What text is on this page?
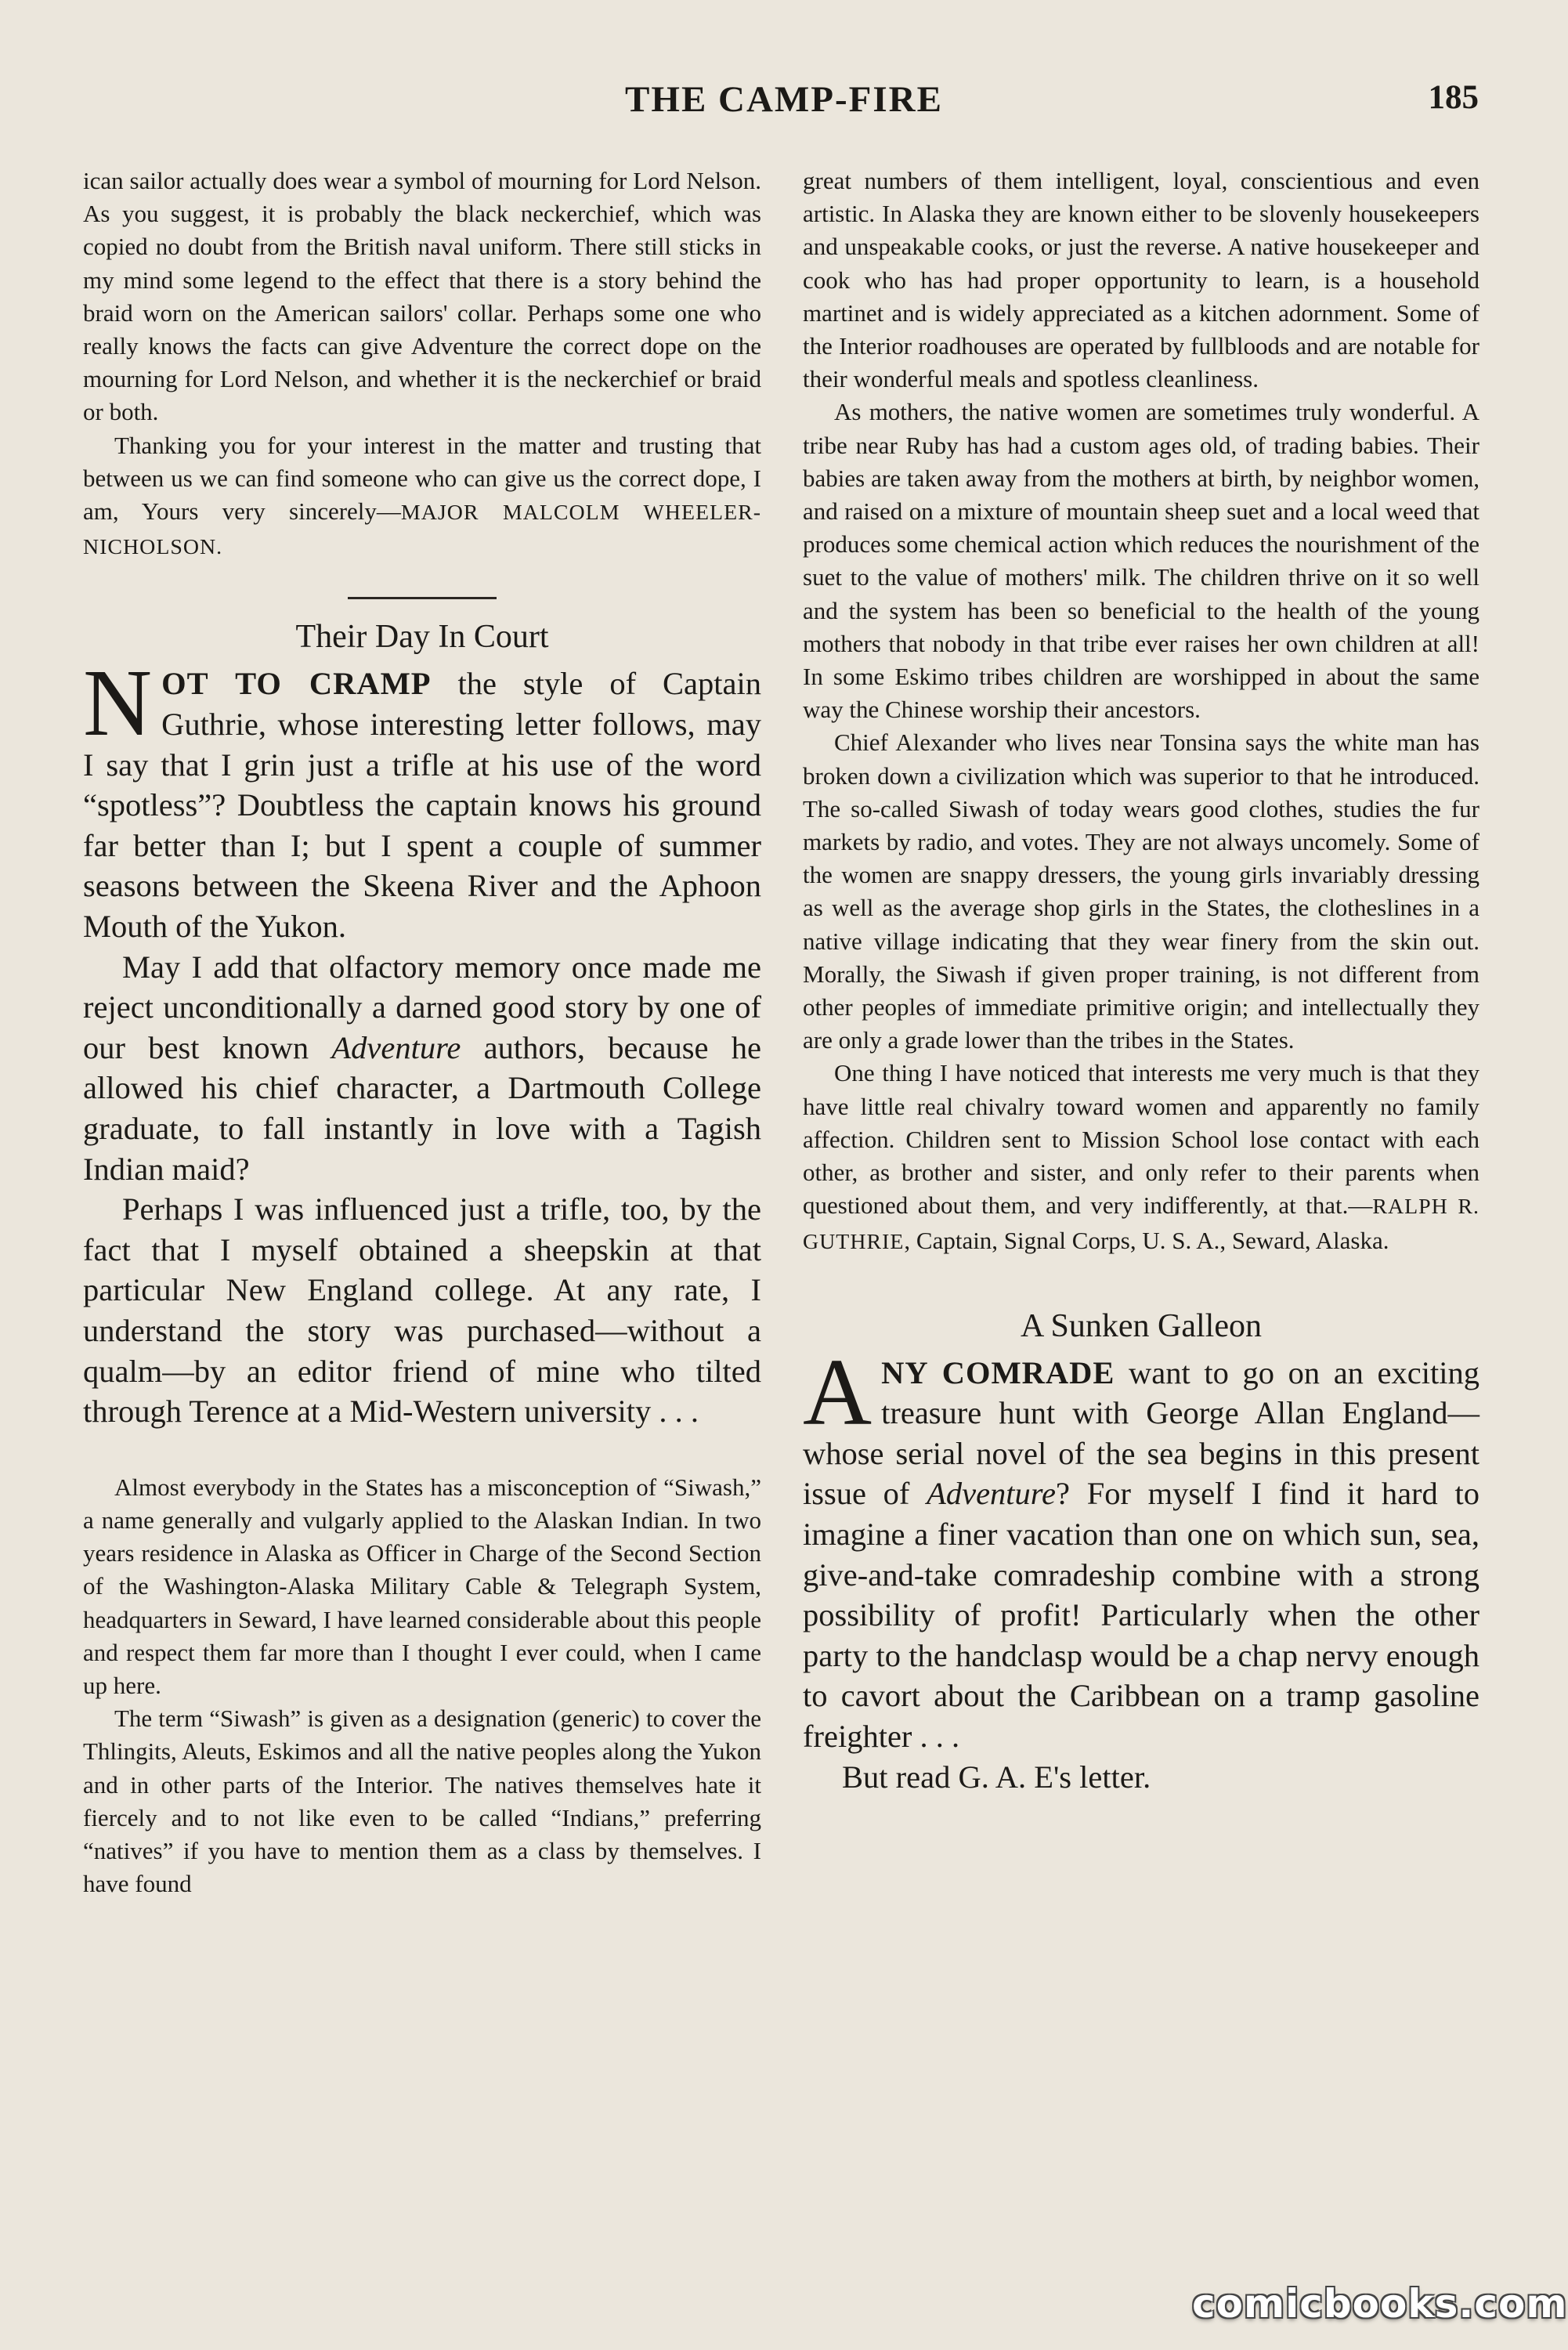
THE CAMP-FIRE	185

ican sailor actually does wear a symbol of mourning for Lord Nelson. As you suggest, it is probably the black neckerchief, which was copied no doubt from the British naval uniform. There still sticks in my mind some legend to the effect that there is a story behind the braid worn on the American sailors' collar. Perhaps some one who really knows the facts can give Adventure the correct dope on the mourning for Lord Nelson, and whether it is the neckerchief or braid or both.

Thanking you for your interest in the matter and trusting that between us we can find someone who can give us the correct dope, I am, Yours very sincerely—MAJOR MALCOLM WHEELER-NICHOLSON.

Their Day In Court

NOT TO CRAMP the style of Captain Guthrie, whose interesting letter follows, may I say that I grin just a trifle at his use of the word “spotless”? Doubtless the captain knows his ground far better than I; but I spent a couple of summer seasons between the Skeena River and the Aphoon Mouth of the Yukon.

May I add that olfactory memory once made me reject unconditionally a darned good story by one of our best known Adventure authors, because he allowed his chief character, a Dartmouth College graduate, to fall instantly in love with a Tagish Indian maid?

Perhaps I was influenced just a trifle, too, by the fact that I myself obtained a sheepskin at that particular New England college. At any rate, I understand the story was purchased—without a qualm—by an editor friend of mine who tilted through Terence at a Mid-Western university . . .

Almost everybody in the States has a misconception of “Siwash,” a name generally and vulgarly applied to the Alaskan Indian. In two years residence in Alaska as Officer in Charge of the Second Section of the Washington-Alaska Military Cable & Telegraph System, headquarters in Seward, I have learned considerable about this people and respect them far more than I thought I ever could, when I came up here.

The term “Siwash” is given as a designation (generic) to cover the Thlingits, Aleuts, Eskimos and all the native peoples along the Yukon and in other parts of the Interior. The natives themselves hate it fiercely and to not like even to be called “Indians,” preferring “natives” if you have to mention them as a class by themselves. I have found

great numbers of them intelligent, loyal, conscientious and even artistic. In Alaska they are known either to be slovenly housekeepers and unspeakable cooks, or just the reverse. A native housekeeper and cook who has had proper opportunity to learn, is a household martinet and is widely appreciated as a kitchen adornment. Some of the Interior roadhouses are operated by fullbloods and are notable for their wonderful meals and spotless cleanliness.

As mothers, the native women are sometimes truly wonderful. A tribe near Ruby has had a custom ages old, of trading babies. Their babies are taken away from the mothers at birth, by neighbor women, and raised on a mixture of mountain sheep suet and a local weed that produces some chemical action which reduces the nourishment of the suet to the value of mothers' milk. The children thrive on it so well and the system has been so beneficial to the health of the young mothers that nobody in that tribe ever raises her own children at all! In some Eskimo tribes children are worshipped in about the same way the Chinese worship their ancestors.

Chief Alexander who lives near Tonsina says the white man has broken down a civilization which was superior to that he introduced. The so-called Siwash of today wears good clothes, studies the fur markets by radio, and votes. They are not always uncomely. Some of the women are snappy dressers, the young girls invariably dressing as well as the average shop girls in the States, the clotheslines in a native village indicating that they wear finery from the skin out. Morally, the Siwash if given proper training, is not different from other peoples of immediate primitive origin; and intellectually they are only a grade lower than the tribes in the States.

One thing I have noticed that interests me very much is that they have little real chivalry toward women and apparently no family affection. Children sent to Mission School lose contact with each other, as brother and sister, and only refer to their parents when questioned about them, and very indifferently, at that.—RALPH R. GUTHRIE, Captain, Signal Corps, U. S. A., Seward, Alaska.

A Sunken Galleon

ANY COMRADE want to go on an exciting treasure hunt with George Allan England—whose serial novel of the sea begins in this present issue of Adventure? For myself I find it hard to imagine a finer vacation than one on which sun, sea, give-and-take comradeship combine with a strong possibility of profit! Particularly when the other party to the handclasp would be a chap nervy enough to cavort about the Caribbean on a tramp gasoline freighter . . .

But read G. A. E's letter.

comicbooks.com
